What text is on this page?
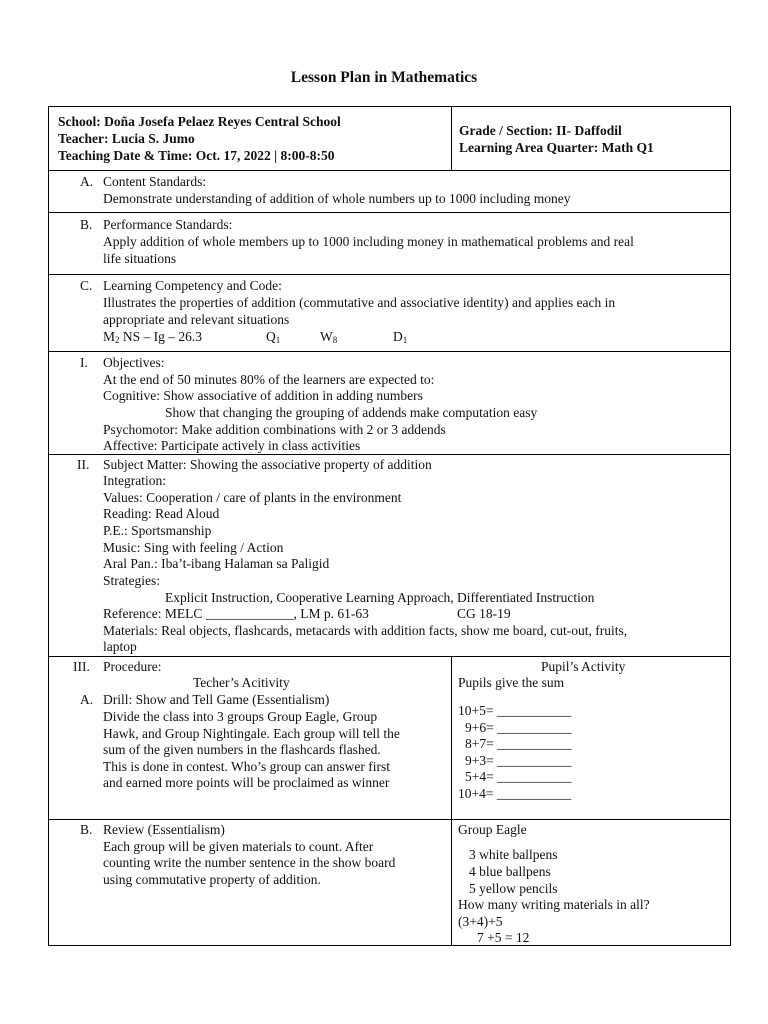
Lesson Plan in Mathematics
School: Doña Josefa Pelaez Reyes Central School
Teacher: Lucia S. Jumo
Teaching Date & Time: Oct. 17, 2022 | 8:00-8:50
Grade / Section: II- Daffodil
Learning Area Quarter: Math Q1
A. Content Standards:
Demonstrate understanding of addition of whole numbers up to 1000 including money
B. Performance Standards:
Apply addition of whole members up to 1000 including money in mathematical problems and real
life situations
C. Learning Competency and Code:
Illustrates the properties of addition (commutative and associative identity) and applies each in
appropriate and relevant situations
$M_2$ NS – Ig – 26.3	$Q_1$	$W_8$	$D_1$
I. Objectives:
At the end of 50 minutes 80% of the learners are expected to:
Cognitive: Show associative of addition in adding numbers
Show that changing the grouping of addends make computation easy
Psychomotor: Make addition combinations with 2 or 3 addends
Affective: Participate actively in class activities
II. Subject Matter: Showing the associative property of addition
Integration:
Values: Cooperation / care of plants in the environment
Reading: Read Aloud
P.E.: Sportsmanship
Music: Sing with feeling / Action
Aral Pan.: Iba’t-ibang Halaman sa Paligid
Strategies:
Explicit Instruction, Cooperative Learning Approach, Differentiated Instruction
Reference: MELC _____________, LM p. 61-63	CG 18-19
Materials: Real objects, flashcards, metacards with addition facts, show me board, cut-out, fruits,
laptop
III. Procedure:
Techer’s Acitivity
A. Drill: Show and Tell Game (Essentialism)
Divide the class into 3 groups Group Eagle, Group
Hawk, and Group Nightingale. Each group will tell the
sum of the given numbers in the flashcards flashed.
This is done in contest. Who’s group can answer first
and earned more points will be proclaimed as winner
Pupil’s Activity
Pupils give the sum
10+5= ___________
9+6= ___________
8+7= ___________
9+3= ___________
5+4= ___________
10+4= ___________
B. Review (Essentialism)
Each group will be given materials to count. After
counting write the number sentence in the show board
using commutative property of addition.
Group Eagle
3 white ballpens
4 blue ballpens
5 yellow pencils
How many writing materials in all?
(3+4)+5
7 +5 = 12
